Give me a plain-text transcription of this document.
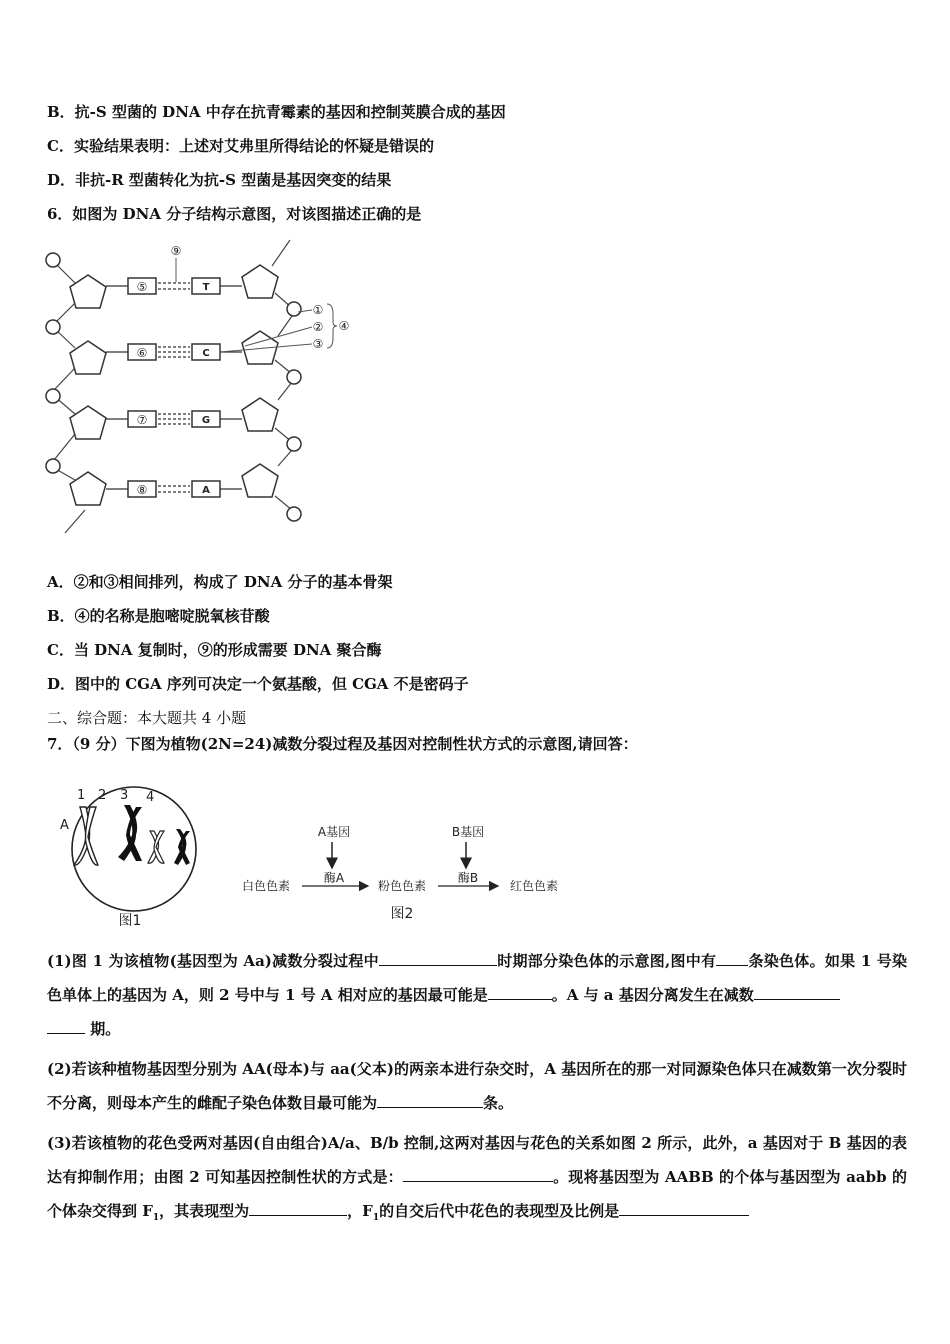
B．抗-S 型菌的 DNA 中存在抗青霉素的基因和控制荚膜合成的基因
C．实验结果表明：上述对艾弗里所得结论的怀疑是错误的
D．非抗-R 型菌转化为抗-S 型菌是基因突变的结果
6．如图为 DNA 分子结构示意图，对该图描述正确的是
⑨
⑤
⑥
⑦
⑧
T
C
G
A
①
②
③
④
A．②和③相间排列，构成了 DNA 分子的基本骨架
B．④的名称是胞嘧啶脱氧核苷酸
C．当 DNA 复制时，⑨的形成需要 DNA 聚合酶
D．图中的 CGA 序列可决定一个氨基酸，但 CGA 不是密码子
二、综合题：本大题共 4 小题
7．（9 分）下图为植物(2N=24)减数分裂过程及基因对控制性状方式的示意图,请回答：
1 2 3 4
A
图1
A基因	B基因
酶A	酶B
白色色素	粉色色素	红色色素
图2
(1)图 1 为该植物(基因型为 Aa)减数分裂过程中	时期部分染色体的示意图,图中有 条染色体。如果 1 号染色单体上的基因为 A，则 2 号中与 1 号 A 相对应的基因最可能是	。A 与 a 基因分离发生在减数
期。
(2)若该种植物基因型分别为 AA(母本)与 aa(父本)的两亲本进行杂交时，A 基因所在的那一对同源染色体只在减数第一次分裂时不分离，则母本产生的雌配子染色体数目最可能为	条。
(3)若该植物的花色受两对基因(自由组合)A/a、B/b 控制,这两对基因与花色的关系如图 2 所示，此外，a 基因对于 B 基因的表达有抑制作用；由图 2 可知基因控制性状的方式是：	。现将基因型为 AABB 的个体与基因型为 aabb 的个体杂交得到 $F_1$，其表现型为	，$F_1$的自交后代中花色的表现型及比例是
